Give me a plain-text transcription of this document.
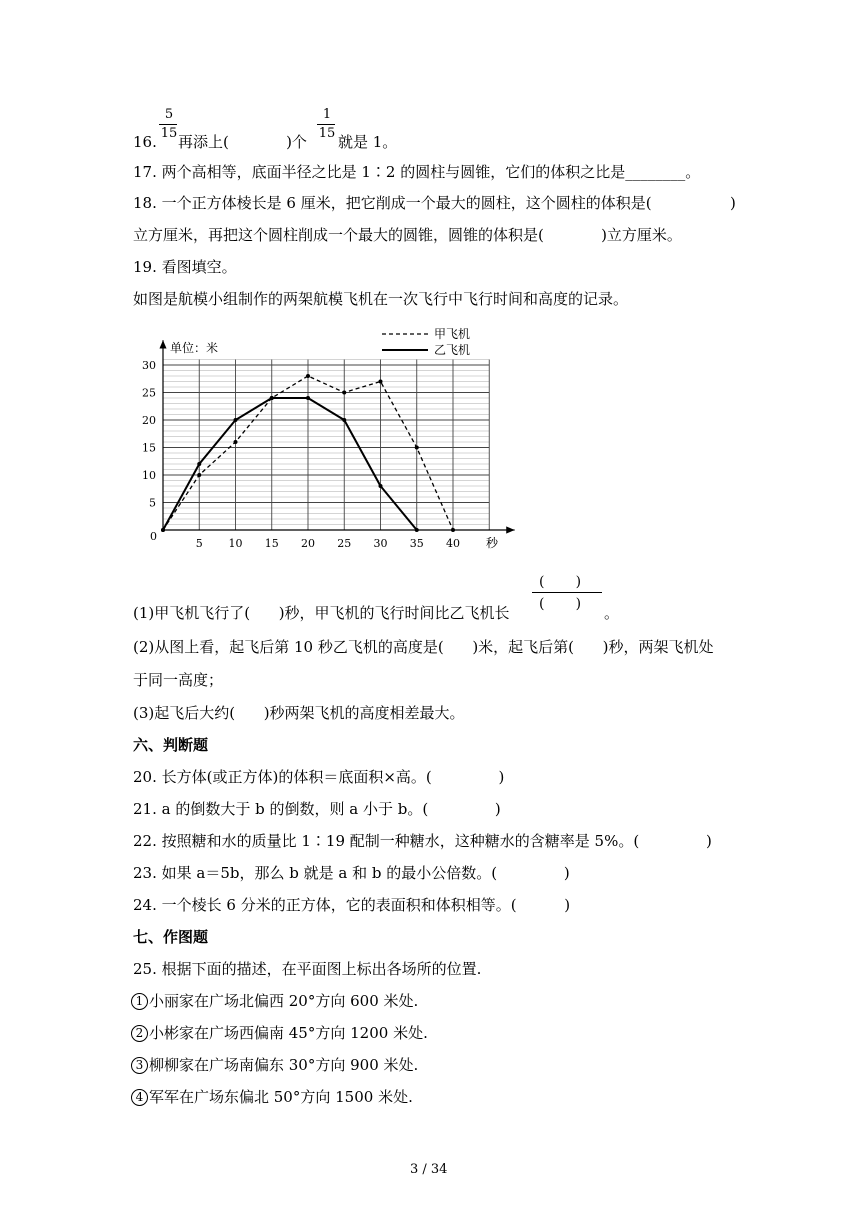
5
15
16. 再添上(	)个
1
15 就是 1。
17. 两个高相等，底面半径之比是 1∶2 的圆柱与圆锥，它们的体积之比是________。
18. 一个正方体棱长是 6 厘米，把它削成一个最大的圆柱，这个圆柱的体积是(	)
立方厘米，再把这个圆柱削成一个最大的圆锥，圆锥的体积是(            )立方厘米。
19. 看图填空。
如图是航模小组制作的两架航模飞机在一次飞行中飞行时间和高度的记录。
5 10 15 20 25 30 35 40
5
10
15
20
25
30
甲飞机
乙飞机
单位：米
秒
0
(       )
(       )
(1)甲飞机飞行了(      )秒，甲飞机的飞行时间比乙飞机长	。
(2)从图上看，起飞后第 10 秒乙飞机的高度是(      )米，起飞后第(      )秒，两架飞机处
于同一高度；
(3)起飞后大约(      )秒两架飞机的高度相差最大。
六、判断题
20. 长方体(或正方体)的体积＝底面积×高。(              )
21. a 的倒数大于 b 的倒数，则 a 小于 b。(              )
22. 按照糖和水的质量比 1∶19 配制一种糖水，这种糖水的含糖率是 5%。(              )
23. 如果 a＝5b，那么 b 就是 a 和 b 的最小公倍数。(              )
24. 一个棱长 6 分米的正方体，它的表面积和体积相等。(          )
七、作图题
25. 根据下面的描述，在平面图上标出各场所的位置.
1 小丽家在广场北偏西 20°方向 600 米处.
2 小彬家在广场西偏南 45°方向 1200 米处.
3 柳柳家在广场南偏东 30°方向 900 米处.
4 军军在广场东偏北 50°方向 1500 米处.
3 / 34
